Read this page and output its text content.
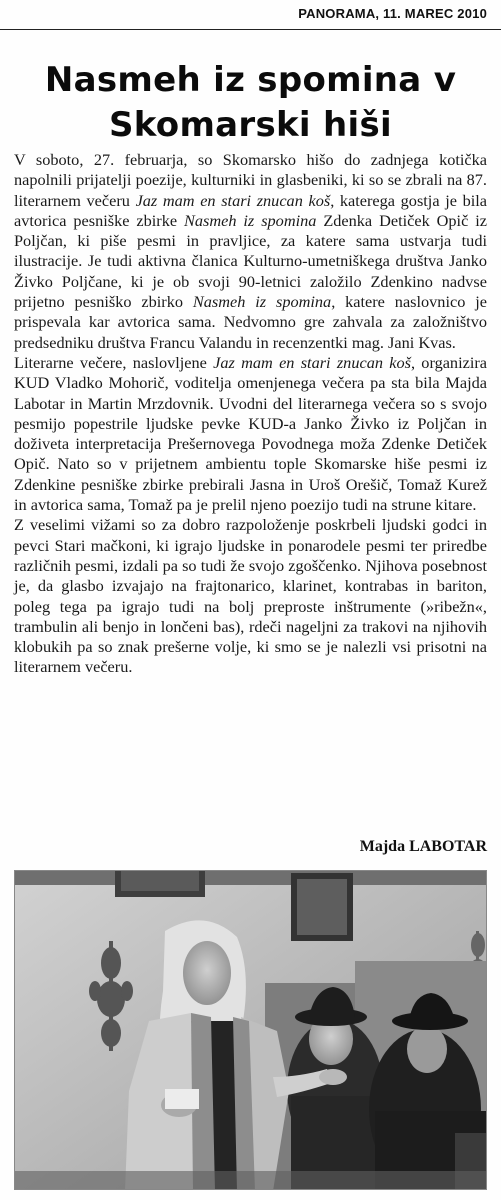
PANORAMA, 11. MAREC 2010
Nasmeh iz spomina v
Skomarski hiši

V soboto, 27. februarja, so Skomarsko hišo do zadnjega kotička napolnili prijatelji poezije, kulturniki in glasbeniki, ki so se zbrali na 87. literarnem večeru Jaz mam en stari znucan koš, katerega gostja je bila avtorica pesniške zbirke Nasmeh iz spomina Zdenka Detiček Opič iz Poljčan, ki piše pesmi in pravljice, za katere sama ustvarja tudi ilustracije. Je tudi aktivna članica Kulturno-umetniškega društva Janko Živko Poljčane, ki je ob svoji 90-letnici založilo Zdenkino nadvse prijetno pesniško zbirko Nasmeh iz spomina, katere naslovnico je prispevala kar avtorica sama. Nedvomno gre zahvala za založništvo predsedniku društva Francu Valandu in recenzentki mag. Jani Kvas.

Literarne večere, naslovljene Jaz mam en stari znucan koš, organizira KUD Vladko Mohorič, voditelja omenjenega večera pa sta bila Majda Labotar in Martin Mrzdovnik. Uvodni del literarnega večera so s svojo pesmijo popestrile ljudske pevke KUD-a Janko Živko iz Poljčan in doživeta interpretacija Prešernovega Povodnega moža Zdenke Detiček Opič. Nato so v prijetnem ambientu tople Skomarske hiše pesmi iz Zdenkine pesniške zbirke prebirali Jasna in Uroš Orešič, Tomaž Kurež in avtorica sama, Tomaž pa je prelil njeno poezijo tudi na strune kitare.

Z veselimi vižami so za dobro razpoloženje poskrbeli ljudski godci in pevci Stari mačkoni, ki igrajo ljudske in ponarodele pesmi ter priredbe različnih pesmi, izdali pa so tudi že svojo zgoščenko. Njihova posebnost je, da glasbo izvajajo na frajtonarico, klarinet, kontrabas in bariton, poleg tega pa igrajo tudi na bolj preproste inštrumente (»ribežn«, trambulin ali benjo in lončeni bas), rdeči nageljni za trakovi na njihovih klobukih pa so znak prešerne volje, ki smo se je nalezli vsi prisotni na literarnem večeru.

Majda LABOTAR
